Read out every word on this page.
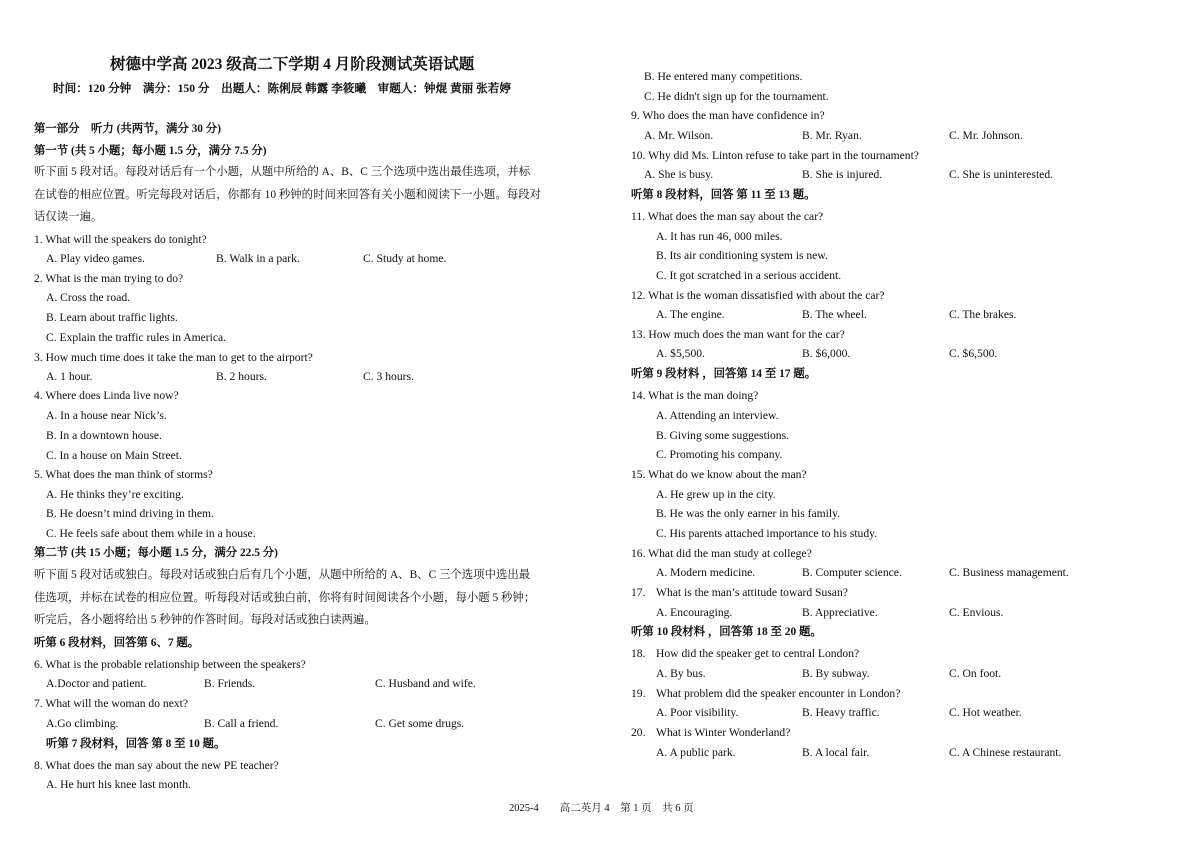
树德中学高 2023 级高二下学期 4 月阶段测试英语试题
时间：120 分钟　满分：150 分　出题人：陈俐辰 韩露 李筱曦　审题人：钟焜 黄丽 张若婷
第一部分　听力 (共两节，满分 30 分)
第一节 (共 5 小题；每小题 1.5 分，满分 7.5 分)
听下面 5 段对话。每段对话后有一个小题，从题中所给的 A、B、C 三个选项中选出最佳选项，并标
在试卷的相应位置。听完每段对话后，你都有 10 秒钟的时间来回答有关小题和阅读下一小题。每段对
话仅读一遍。
1. What will the speakers do tonight?
A. Play video games.	B. Walk in a park.	C. Study at home.
2. What is the man trying to do?
A. Cross the road.
B. Learn about traffic lights.
C. Explain the traffic rules in America.
3. How much time does it take the man to get to the airport?
A. 1 hour.	B. 2 hours.	C. 3 hours.
4. Where does Linda live now?
A. In a house near Nick’s.
B. In a downtown house.
C. In a house on Main Street.
5. What does the man think of storms?
A. He thinks they’re exciting.
B. He doesn’t mind driving in them.
C. He feels safe about them while in a house.
第二节 (共 15 小题；每小题 1.5 分，满分 22.5 分)
听下面 5 段对话或独白。每段对话或独白后有几个小题，从题中所给的 A、B、C 三个选项中选出最
佳选项，并标在试卷的相应位置。听每段对话或独白前，你将有时间阅读各个小题，每小题 5 秒钟；
听完后，各小题将给出 5 秒钟的作答时间。每段对话或独白读两遍。
听第 6 段材料，回答第 6、7 题。
6. What is the probable relationship between the speakers?
A.Doctor and patient.	B. Friends.	C. Husband and wife.
7. What will the woman do next?
A.Go climbing.	B. Call a friend.	C. Get some drugs.
听第 7 段材料，回答 第 8 至 10 题。
8. What does the man say about the new PE teacher?
A. He hurt his knee last month.
B. He entered many competitions.
C. He didn't sign up for the tournament.
9. Who does the man have confidence in?
A. Mr. Wilson.	B. Mr. Ryan.	C. Mr. Johnson.
10. Why did Ms. Linton refuse to take part in the tournament?
A. She is busy.	B. She is injured.	C. She is uninterested.
听第 8 段材料，回答 第 11 至 13 题。
11. What does the man say about the car?
A. It has run 46, 000 miles.
B. Its air conditioning system is new.
C. It got scratched in a serious accident.
12. What is the woman dissatisfied with about the car?
A. The engine.	B. The wheel.	C. The brakes.
13. How much does the man want for the car?
A. $5,500.	B. $6,000.	C. $6,500.
听第 9 段材料 ，回答第 14 至 17 题。
14. What is the man doing?
A. Attending an interview.
B. Giving some suggestions.
C. Promoting his company.
15. What do we know about the man?
A. He grew up in the city.
B. He was the only earner in his family.
C. His parents attached importance to his study.
16. What did the man study at college?
A. Modern medicine.	B. Computer science.	C. Business management.
17. What is the man’s attitude toward Susan?
A. Encouraging.	B. Appreciative.	C. Envious.
听第 10 段材料 ，回答第 18 至 20 题。
18. How did the speaker get to central London?
A. By bus.	B. By subway.	C. On foot.
19. What problem did the speaker encounter in London?
A. Poor visibility.	B. Heavy traffic.	C. Hot weather.
20. What is Winter Wonderland?
A. A public park.	B. A local fair.	C. A Chinese restaurant.
2025-4　　高二英月 4　第 1 页　共 6 页
